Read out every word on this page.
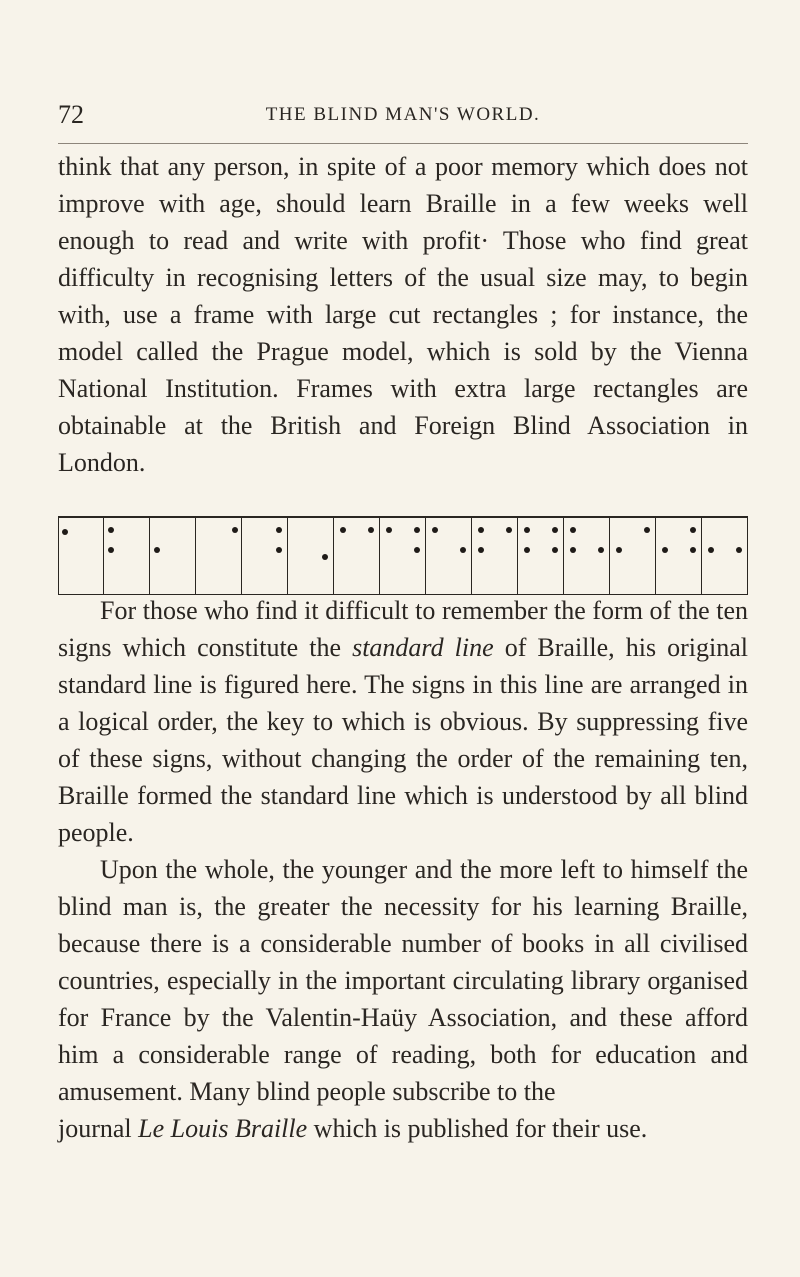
72	THE BLIND MAN'S WORLD.

think that any person, in spite of a poor memory which does not improve with age, should learn Braille in a few weeks well enough to read and write with profit· Those who find great difficulty in recognising letters of the usual size may, to begin with, use a frame with large cut rectangles ; for instance, the model called the Prague model, which is sold by the Vienna National Institution. Frames with extra large rectangles are obtainable at the British and Foreign Blind Association in London.

For those who find it difficult to remember the form of the ten signs which constitute the standard line of Braille, his original standard line is figured here. The signs in this line are arranged in a logical order, the key to which is obvious. By suppressing five of these signs, without changing the order of the remaining ten, Braille formed the standard line which is understood by all blind people.

Upon the whole, the younger and the more left to himself the blind man is, the greater the necessity for his learning Braille, because there is a considerable number of books in all civilised countries, especially in the important circulating library organised for France by the Valentin-Haüy Association, and these afford him a considerable range of reading, both for education and amusement. Many blind people subscribe to the

journal Le Louis Braille which is published for their use.
